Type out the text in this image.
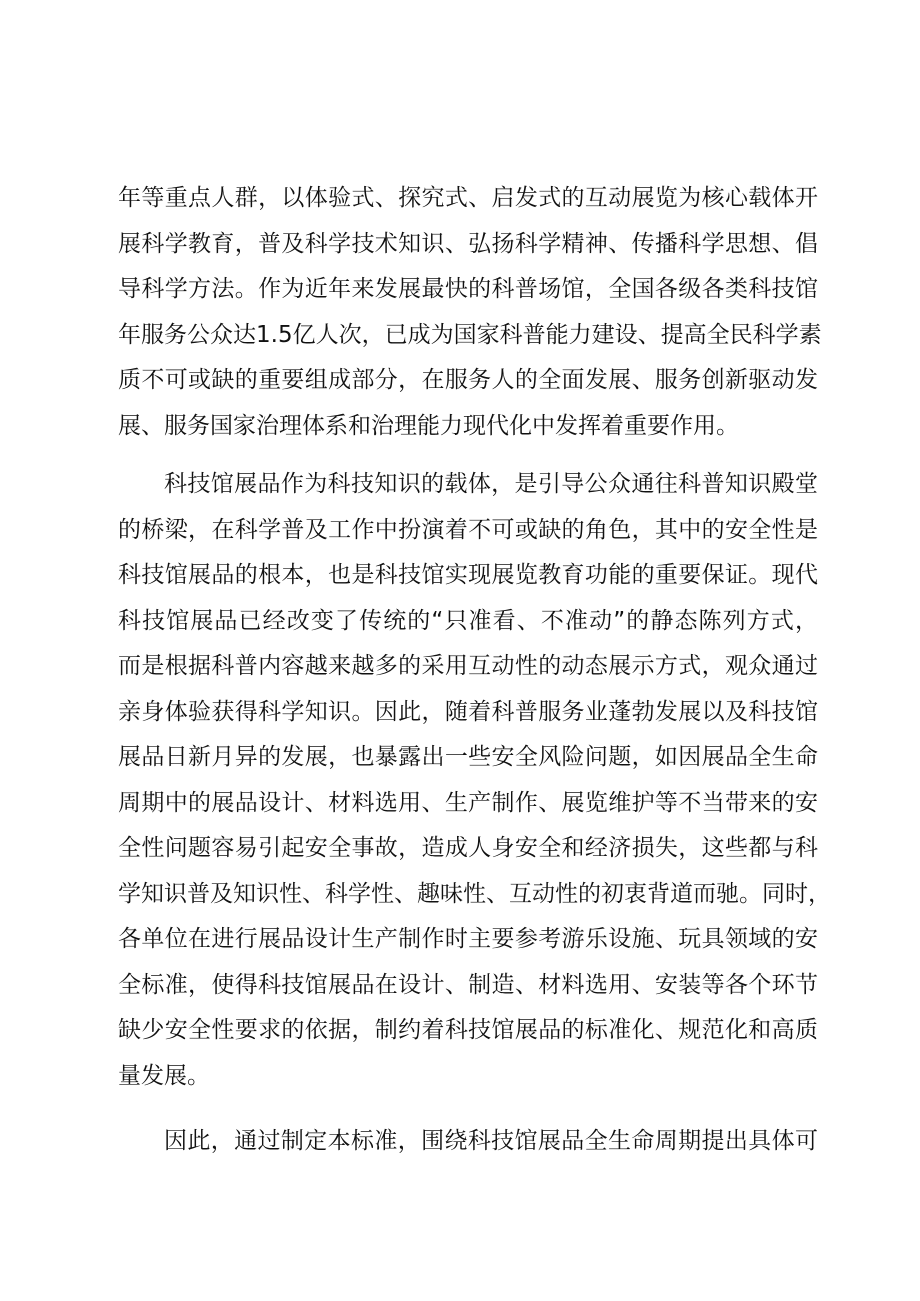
年等重点人群，以体验式、探究式、启发式的互动展览为核心载体开
展科学教育，普及科学技术知识、弘扬科学精神、传播科学思想、倡
导科学方法。作为近年来发展最快的科普场馆，全国各级各类科技馆
年服务公众达1.5亿人次，已成为国家科普能力建设、提高全民科学素
质不可或缺的重要组成部分，在服务人的全面发展、服务创新驱动发
展、服务国家治理体系和治理能力现代化中发挥着重要作用。
科技馆展品作为科技知识的载体，是引导公众通往科普知识殿堂
的桥梁，在科学普及工作中扮演着不可或缺的角色，其中的安全性是
科技馆展品的根本，也是科技馆实现展览教育功能的重要保证。现代
科技馆展品已经改变了传统的“只准看、不准动”的静态陈列方式，
而是根据科普内容越来越多的采用互动性的动态展示方式，观众通过
亲身体验获得科学知识。因此，随着科普服务业蓬勃发展以及科技馆
展品日新月异的发展，也暴露出一些安全风险问题，如因展品全生命
周期中的展品设计、材料选用、生产制作、展览维护等不当带来的安
全性问题容易引起安全事故，造成人身安全和经济损失，这些都与科
学知识普及知识性、科学性、趣味性、互动性的初衷背道而驰。同时，
各单位在进行展品设计生产制作时主要参考游乐设施、玩具领域的安
全标准，使得科技馆展品在设计、制造、材料选用、安装等各个环节
缺少安全性要求的依据，制约着科技馆展品的标准化、规范化和高质
量发展。
因此，通过制定本标准，围绕科技馆展品全生命周期提出具体可
